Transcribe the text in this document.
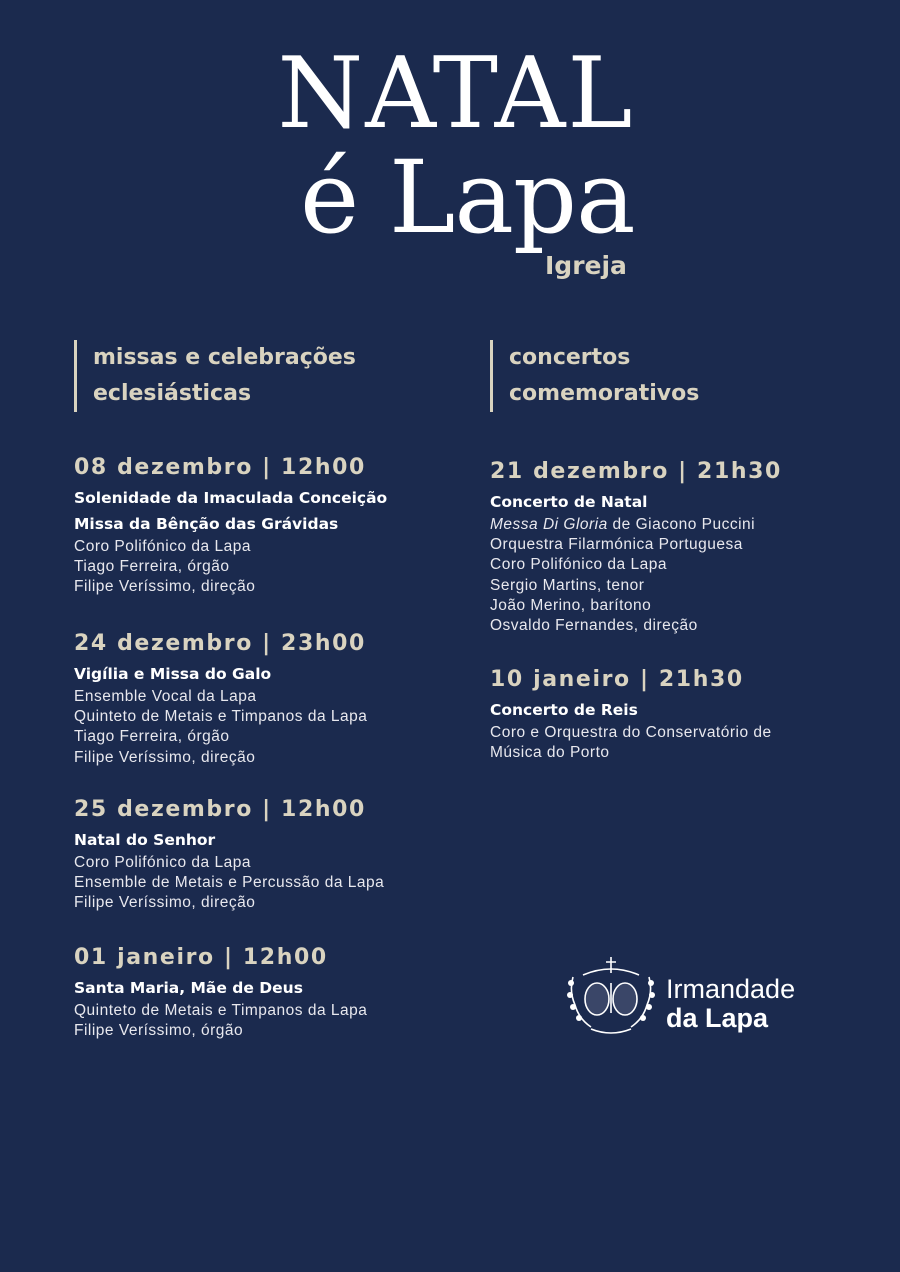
NATAL
é Lapa
Igreja
missas e celebrações
eclesiásticas
concertos
comemorativos
08 dezembro | 12h00
Solenidade da Imaculada Conceição
Missa da Bênção das Grávidas
Coro Polifónico da Lapa
Tiago Ferreira, órgão
Filipe Veríssimo, direção
24 dezembro | 23h00
Vigília e Missa do Galo
Ensemble Vocal da Lapa
Quinteto de Metais e Timpanos da Lapa
Tiago Ferreira, órgão
Filipe Veríssimo, direção
25 dezembro | 12h00
Natal do Senhor
Coro Polifónico da Lapa
Ensemble de Metais e Percussão da Lapa
Filipe Veríssimo, direção
01 janeiro | 12h00
Santa Maria, Mãe de Deus
Quinteto de Metais e Timpanos da Lapa
Filipe Veríssimo, órgão
21 dezembro | 21h30
Concerto de Natal
Messa Di Gloria de Giacono Puccini
Orquestra Filarmónica Portuguesa
Coro Polifónico da Lapa
Sergio Martins, tenor
João Merino, barítono
Osvaldo Fernandes, direção
10 janeiro | 21h30
Concerto de Reis
Coro e Orquestra do Conservatório de
Música do Porto
Irmandade
da Lapa
